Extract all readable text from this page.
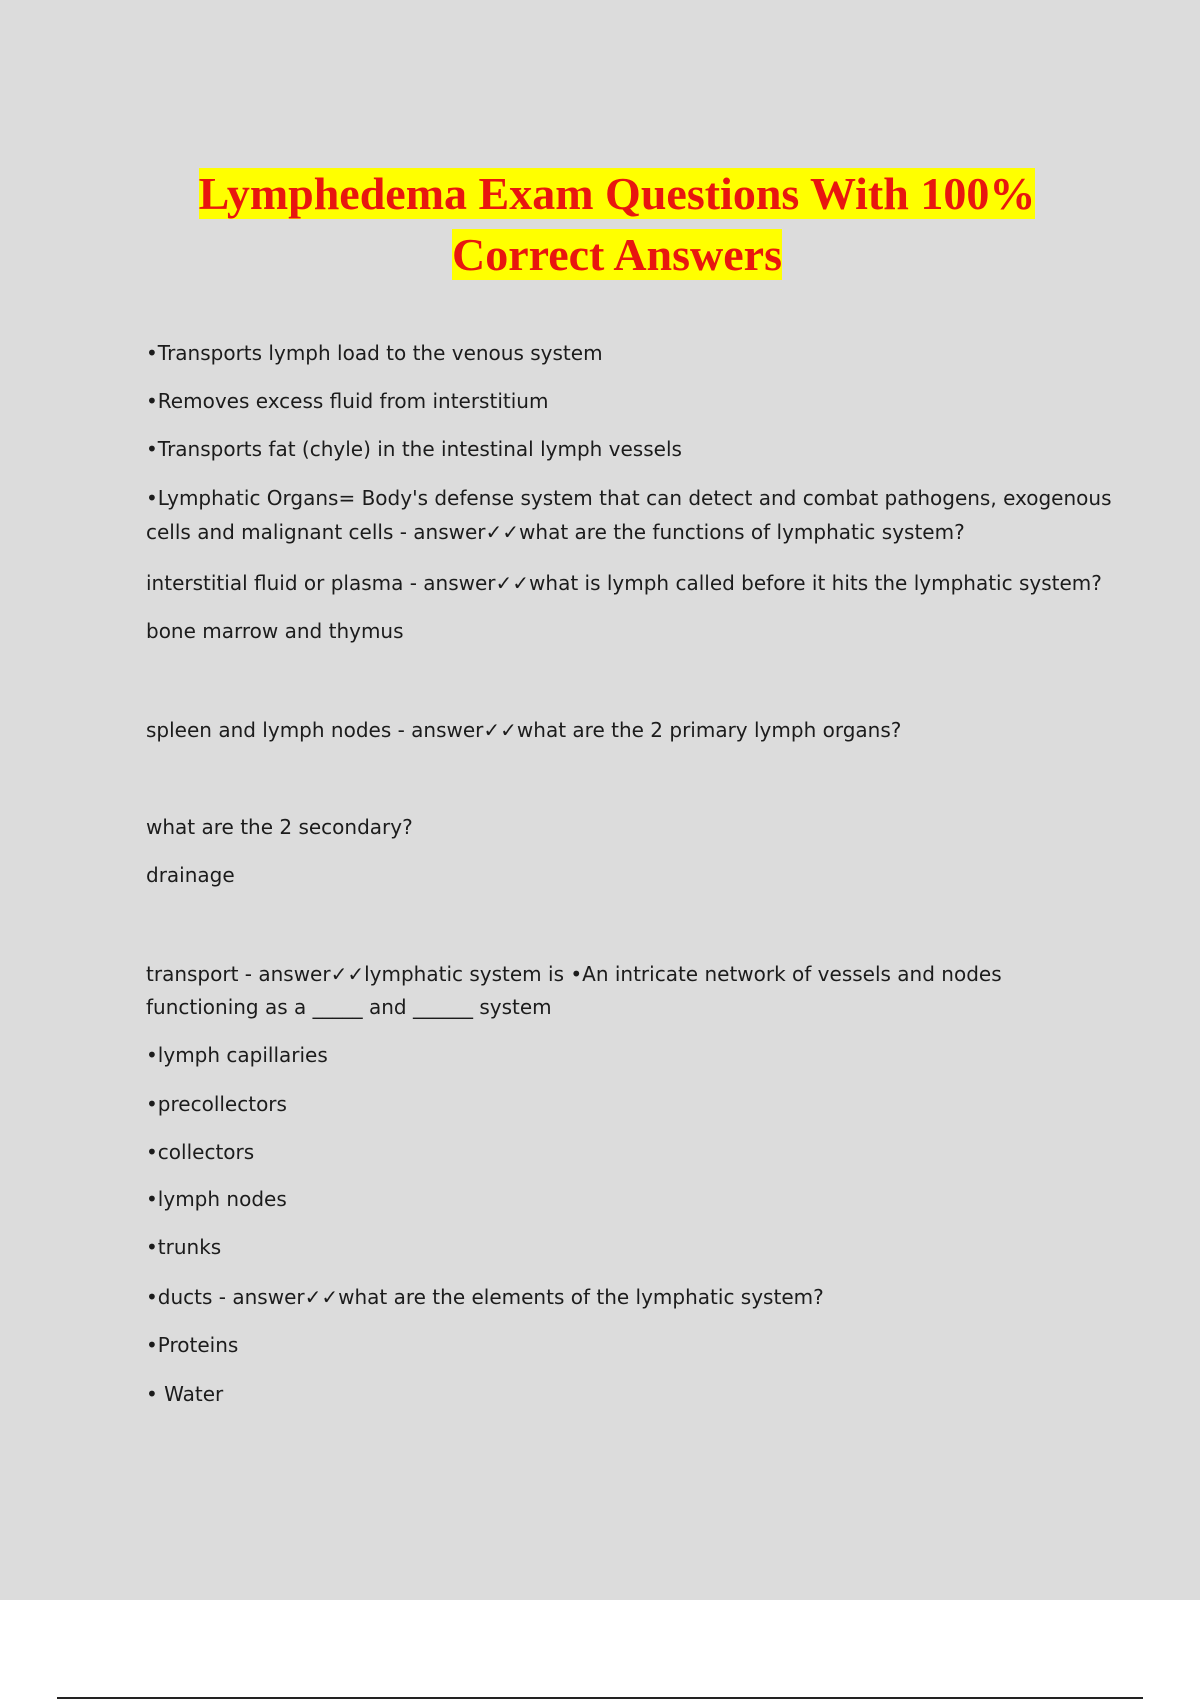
Lymphedema Exam Questions With 100%
Correct Answers

•Transports lymph load to the venous system

•Removes excess fluid from interstitium

•Transports fat (chyle) in the intestinal lymph vessels

•Lymphatic Organs= Body's defense system that can detect and combat pathogens, exogenous

cells and malignant cells - answer✓✓what are the functions of lymphatic system?

interstitial fluid or plasma - answer✓✓what is lymph called before it hits the lymphatic system?

bone marrow and thymus

spleen and lymph nodes - answer✓✓what are the 2 primary lymph organs?

what are the 2 secondary?

drainage

transport - answer✓✓lymphatic system is •An intricate network of vessels and nodes

functioning as a _____ and ______ system

•lymph capillaries

•precollectors

•collectors

•lymph nodes

•trunks

•ducts - answer✓✓what are the elements of the lymphatic system?

•Proteins

• Water
